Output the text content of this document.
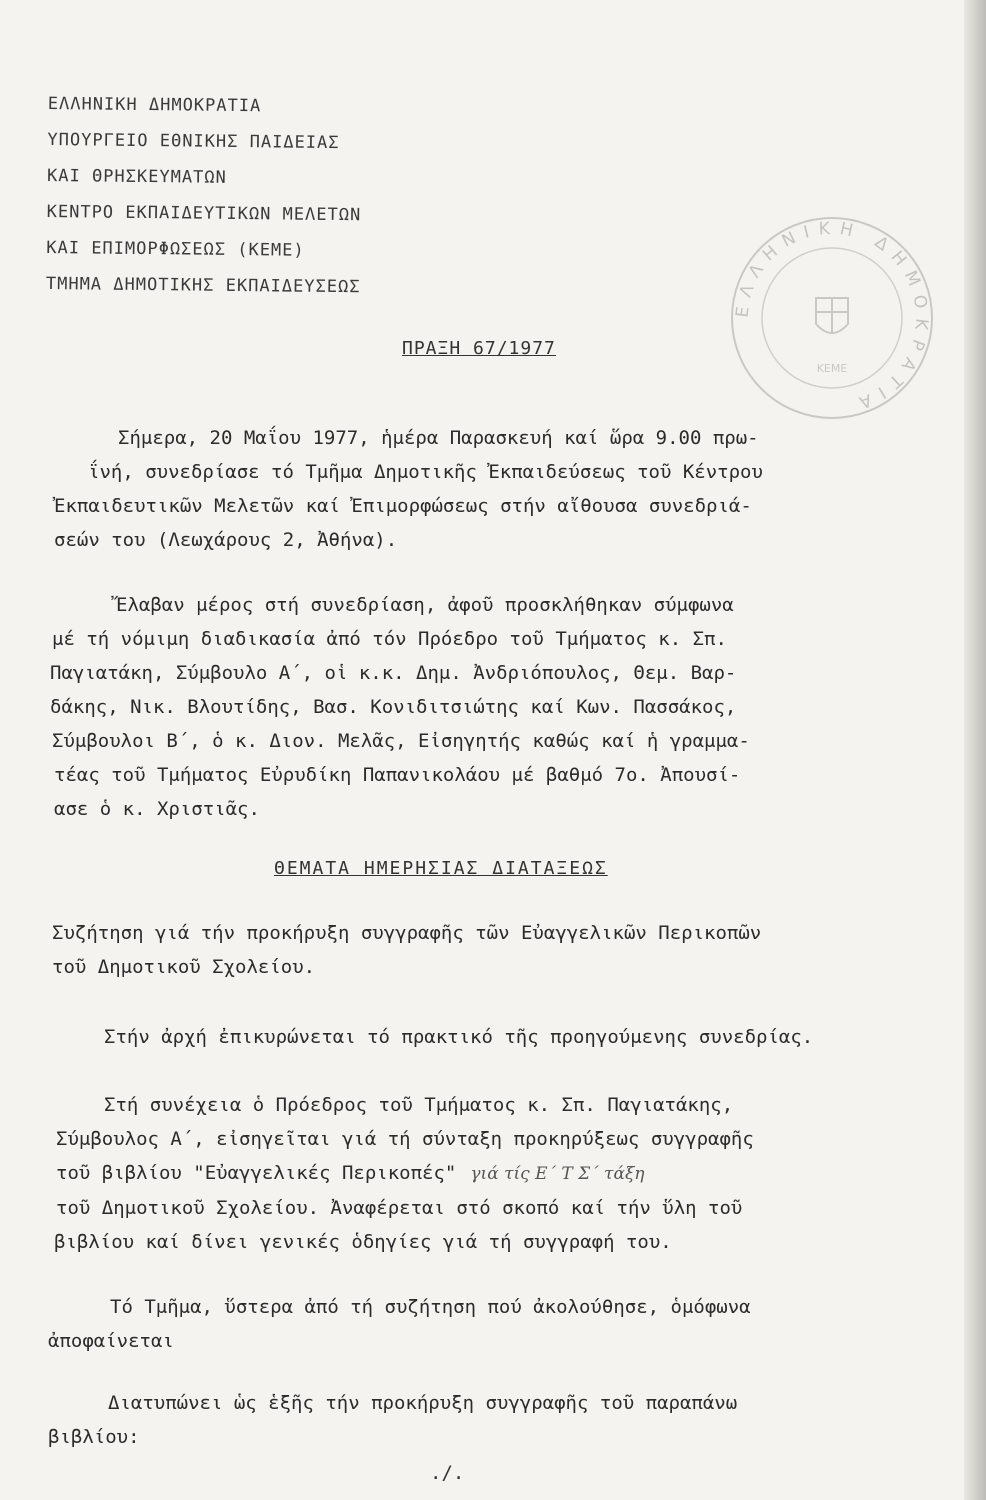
ΕΛΛΗΝΙΚΗ ΔΗΜΟΚΡΑΤΙΑ
ΥΠΟΥΡΓΕΙΟ ΕΘΝΙΚΗΣ ΠΑΙΔΕΙΑΣ
ΚΑΙ ΘΡΗΣΚΕΥΜΑΤΩΝ
ΚΕΝΤΡΟ ΕΚΠΑΙΔΕΥΤΙΚΩΝ ΜΕΛΕΤΩΝ
ΚΑΙ ΕΠΙΜΟΡΦΩΣΕΩΣ (ΚΕΜΕ)
ΤΜΗΜΑ ΔΗΜΟΤΙΚΗΣ ΕΚΠΑΙΔΕΥΣΕΩΣ
ΕΛΛΗΝΙΚΗ ΔΗΜΟΚΡΑΤΙΑ
ΚΕΜΕ
ΠΡΑΞΗ 67/1977
Σήμερα, 20 Μαΐου 1977, ἡμέρα Παρασκευή καί ὥρα 9.00 πρω-
ΐνή, συνεδρίασε τό Τμῆμα Δημοτικῆς Ἐκπαιδεύσεως τοῦ Κέντρου
Ἐκπαιδευτικῶν Μελετῶν καί Ἐπιμορφώσεως στήν αἴθουσα συνεδριά-
σεών του (Λεωχάρους 2, Ἀθήνα).
Ἔλαβαν μέρος στή συνεδρίαση, ἀφοῦ προσκλήθηκαν σύμφωνα
μέ τή νόμιμη διαδικασία ἀπό τόν Πρόεδρο τοῦ Τμήματος κ. Σπ.
Παγιατάκη, Σύμβουλο Α΄, οἱ κ.κ. Δημ. Ἀνδριόπουλος, Θεμ. Βαρ-
δάκης, Νικ. Βλουτίδης, Βασ. Κονιδιτσιώτης καί Κων. Πασσάκος,
Σύμβουλοι Β΄, ὁ κ. Διον. Μελᾶς, Εἰσηγητής καθώς καί ἡ γραμμα-
τέας τοῦ Τμήματος Εὐρυδίκη Παπανικολάου μέ βαθμό 7ο. Ἀπουσί-
ασε ὁ κ. Χριστιᾶς.
ΘΕΜΑΤΑ ΗΜΕΡΗΣΙΑΣ ΔΙΑΤΑΞΕΩΣ
Συζήτηση γιά τήν προκήρυξη συγγραφῆς τῶν Εὐαγγελικῶν Περικοπῶν
τοῦ Δημοτικοῦ Σχολείου.
Στήν ἀρχή ἐπικυρώνεται τό πρακτικό τῆς προηγούμενης συνεδρίας.
Στή συνέχεια ὁ Πρόεδρος τοῦ Τμήματος κ. Σπ. Παγιατάκης,
Σύμβουλος Α΄, εἰσηγεῖται γιά τή σύνταξη προκηρύξεως συγγραφῆς
τοῦ βιβλίου "Εὐαγγελικές Περικοπές" γιά τίς Ε΄ Τ Σ΄ τάξη
τοῦ Δημοτικοῦ Σχολείου. Ἀναφέρεται στό σκοπό καί τήν ὕλη τοῦ
βιβλίου καί δίνει γενικές ὁδηγίες γιά τή συγγραφή του.
Τό Τμῆμα, ὕστερα ἀπό τή συζήτηση πού ἀκολούθησε, ὁμόφωνα
ἀποφαίνεται
Διατυπώνει ὡς ἑξῆς τήν προκήρυξη συγγραφῆς τοῦ παραπάνω
βιβλίου:
./.
